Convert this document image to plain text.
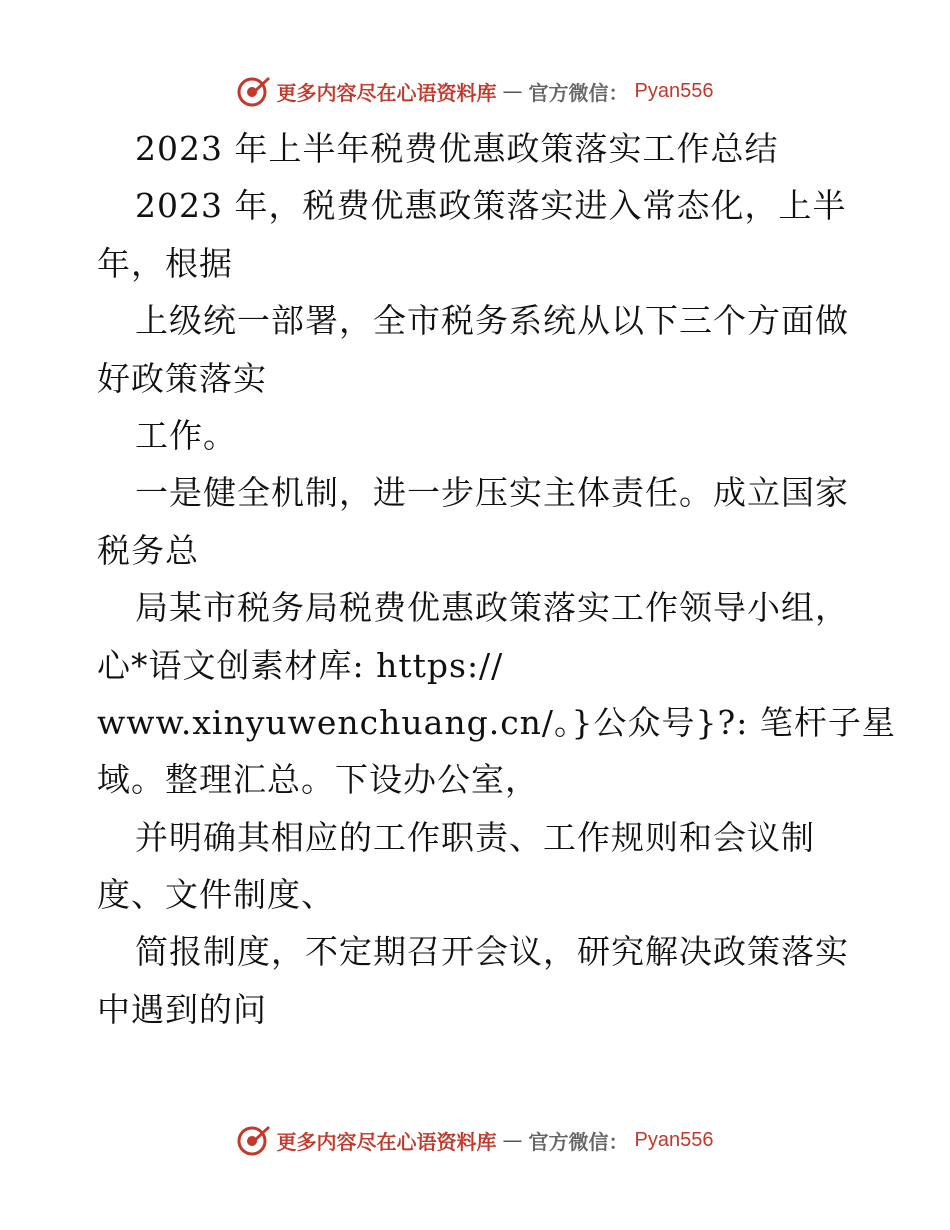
更多内容尽在心语资料库 — 官方微信： Pyan556
2023 年上半年税费优惠政策落实工作总结
2023 年，税费优惠政策落实进入常态化，上半
年，根据
上级统一部署，全市税务系统从以下三个方面做
好政策落实
工作。
一是健全机制，进一步压实主体责任。成立国家
税务总
局某市税务局税费优惠政策落实工作领导小组，
心*语文创素材库: https://
www.xinyuwenchuang.cn/。}公众号}?: 笔杆子星
域。整理汇总。下设办公室，
并明确其相应的工作职责、工作规则和会议制
度、文件制度、
简报制度，不定期召开会议，研究解决政策落实
中遇到的问
更多内容尽在心语资料库 — 官方微信： Pyan556
